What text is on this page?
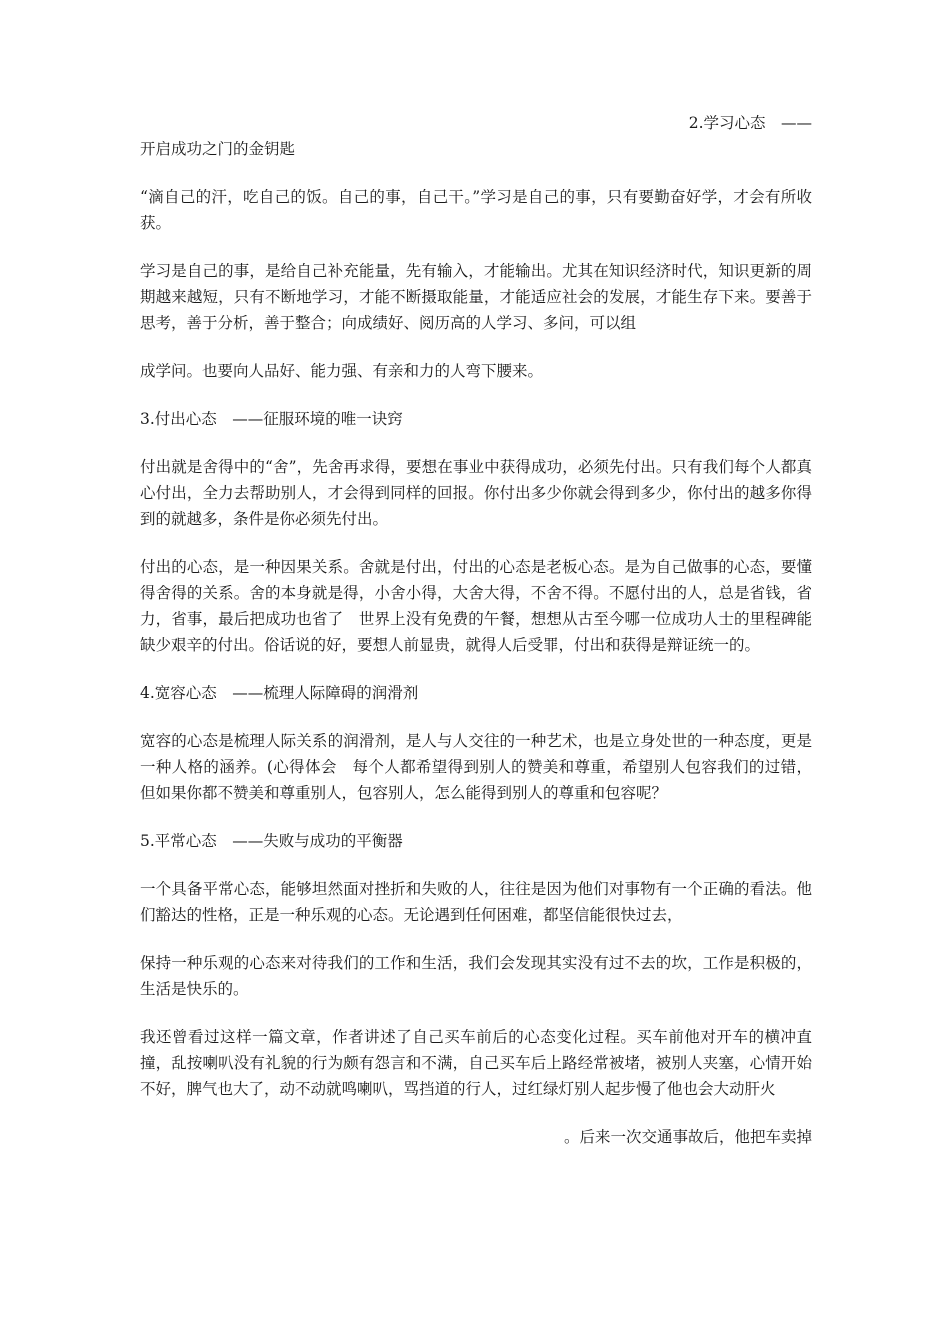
2.学习心态　——

开启成功之门的金钥匙

“滴自己的汗，吃自己的饭。自己的事，自己干。”学习是自己的事，只有要勤奋好学，才会有所收获。

学习是自己的事，是给自己补充能量，先有输入，才能输出。尤其在知识经济时代，知识更新的周期越来越短，只有不断地学习，才能不断摄取能量，才能适应社会的发展，才能生存下来。要善于思考，善于分析，善于整合；向成绩好、阅历高的人学习、多问，可以组

成学问。也要向人品好、能力强、有亲和力的人弯下腰来。

3.付出心态　——征服环境的唯一诀窍

付出就是舍得中的“舍”，先舍再求得，要想在事业中获得成功，必须先付出。只有我们每个人都真心付出，全力去帮助别人，才会得到同样的回报。你付出多少你就会得到多少，你付出的越多你得到的就越多，条件是你必须先付出。

付出的心态，是一种因果关系。舍就是付出，付出的心态是老板心态。是为自己做事的心态，要懂得舍得的关系。舍的本身就是得，小舍小得，大舍大得，不舍不得。不愿付出的人，总是省钱，省力，省事，最后把成功也省了　世界上没有免费的午餐，想想从古至今哪一位成功人士的里程碑能缺少艰辛的付出。俗话说的好，要想人前显贵，就得人后受罪，付出和获得是辩证统一的。

4.宽容心态　——梳理人际障碍的润滑剂

宽容的心态是梳理人际关系的润滑剂，是人与人交往的一种艺术，也是立身处世的一种态度，更是一种人格的涵养。(心得体会　每个人都希望得到别人的赞美和尊重，希望别人包容我们的过错，但如果你都不赞美和尊重别人，包容别人，怎么能得到别人的尊重和包容呢？

5.平常心态　——失败与成功的平衡器

一个具备平常心态，能够坦然面对挫折和失败的人，往往是因为他们对事物有一个正确的看法。他们豁达的性格，正是一种乐观的心态。无论遇到任何困难，都坚信能很快过去，

保持一种乐观的心态来对待我们的工作和生活，我们会发现其实没有过不去的坎，工作是积极的，生活是快乐的。

我还曾看过这样一篇文章，作者讲述了自己买车前后的心态变化过程。买车前他对开车的横冲直撞，乱按喇叭没有礼貌的行为颇有怨言和不满，自己买车后上路经常被堵，被别人夹塞，心情开始不好，脾气也大了，动不动就鸣喇叭，骂挡道的行人，过红绿灯别人起步慢了他也会大动肝火

。后来一次交通事故后，他把车卖掉
